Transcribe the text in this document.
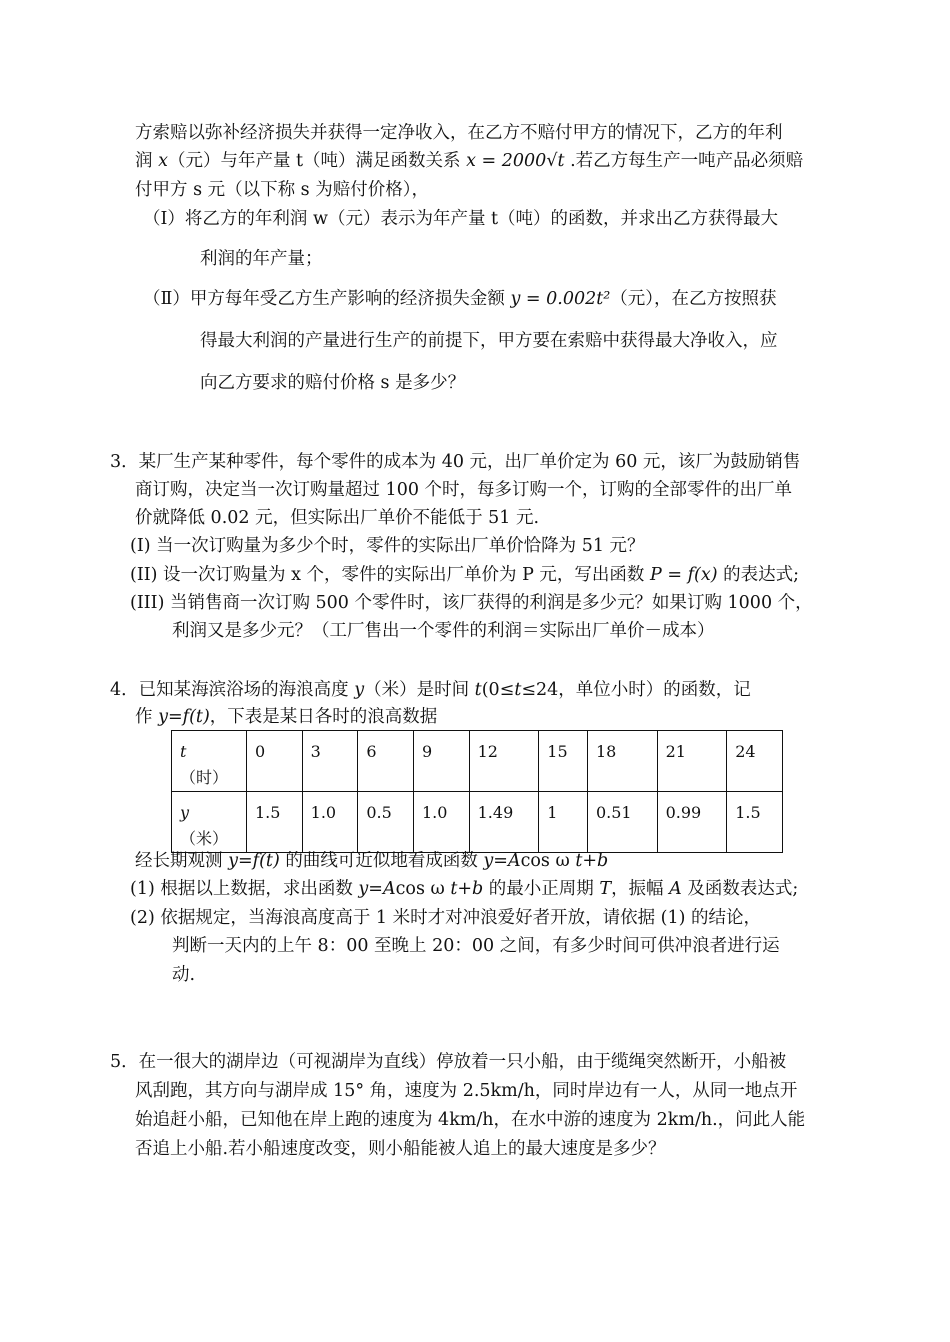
方索赔以弥补经济损失并获得一定净收入，在乙方不赔付甲方的情况下，乙方的年利
润 x（元）与年产量 t（吨）满足函数关系 x = 2000√t .若乙方每生产一吨产品必须赔
付甲方 s 元（以下称 s 为赔付价格），
（Ⅰ）将乙方的年利润 w（元）表示为年产量 t（吨）的函数，并求出乙方获得最大
利润的年产量；
（Ⅱ）甲方每年受乙方生产影响的经济损失金额 y = 0.002t²（元），在乙方按照获
得最大利润的产量进行生产的前提下，甲方要在索赔中获得最大净收入，应
向乙方要求的赔付价格 s 是多少？
3．某厂生产某种零件，每个零件的成本为 40 元，出厂单价定为 60 元，该厂为鼓励销售
商订购，决定当一次订购量超过 100 个时，每多订购一个，订购的全部零件的出厂单
价就降低 0.02 元，但实际出厂单价不能低于 51 元.
(I) 当一次订购量为多少个时，零件的实际出厂单价恰降为 51 元？
(II) 设一次订购量为 x 个，零件的实际出厂单价为 P 元，写出函数 P = f(x) 的表达式;
(III) 当销售商一次订购 500 个零件时，该厂获得的利润是多少元？如果订购 1000 个，
利润又是多少元？（工厂售出一个零件的利润＝实际出厂单价－成本）
4．已知某海滨浴场的海浪高度 y（米）是时间 t(0≤t≤24，单位小时）的函数，记
作 y=f(t)，下表是某日各时的浪高数据
t
（时）	0	3	6	9	12	15	18	21	24
y
（米）	1.5	1.0	0.5	1.0	1.49	1	0.51	0.99	1.5
经长期观测 y=f(t) 的曲线可近似地看成函数 y=Acos ω t+b
(1) 根据以上数据，求出函数 y=Acos ω t+b 的最小正周期 T，振幅 A 及函数表达式;
(2) 依据规定，当海浪高度高于 1 米时才对冲浪爱好者开放，请依据 (1) 的结论，
判断一天内的上午 8：00 至晚上 20：00 之间，有多少时间可供冲浪者进行运
动.
5．在一很大的湖岸边（可视湖岸为直线）停放着一只小船，由于缆绳突然断开，小船被
风刮跑，其方向与湖岸成 15° 角，速度为 2.5km/h，同时岸边有一人，从同一地点开
始追赶小船，已知他在岸上跑的速度为 4km/h，在水中游的速度为 2km/h.，问此人能
否追上小船.若小船速度改变，则小船能被人追上的最大速度是多少？
